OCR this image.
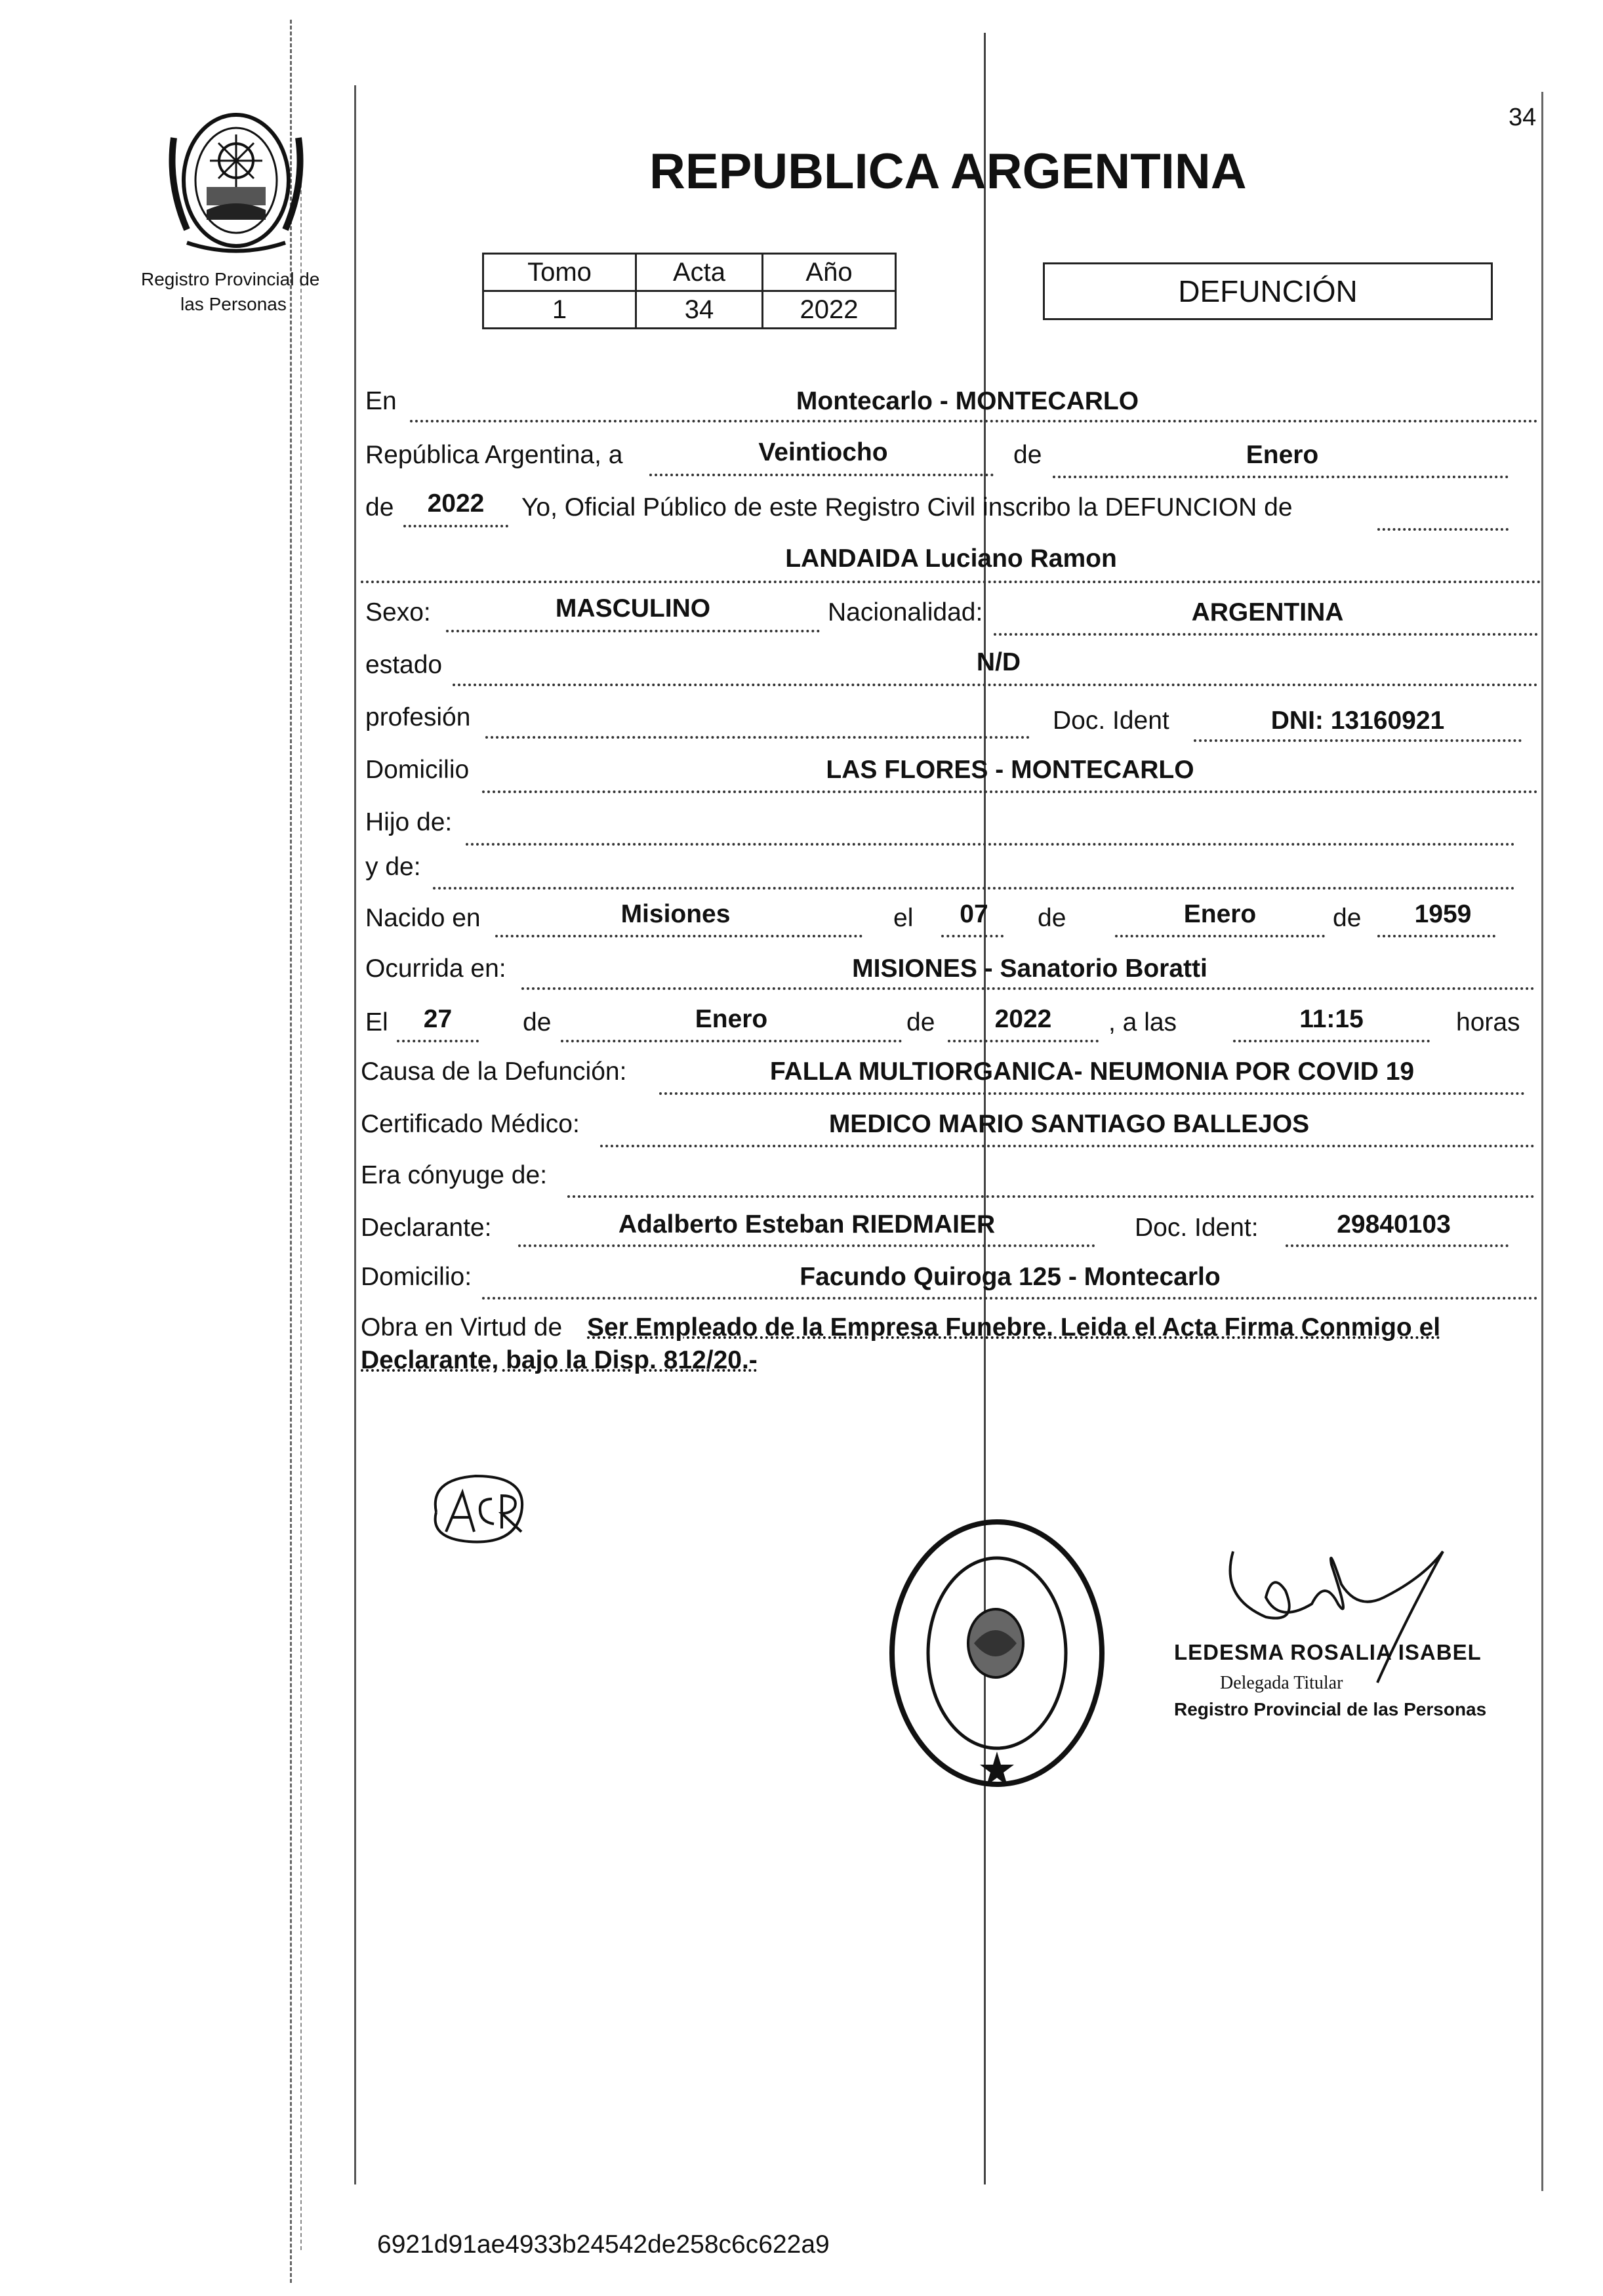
Registro Provincial de
las Personas
34
REPUBLICA ARGENTINA
Tomo	Acta	Año
1	34	2022
DEFUNCIÓN
En	Montecarlo - MONTECARLO
República Argentina, a	Veintiocho	de	Enero
de	2022	Yo, Oficial Público de este Registro Civil inscribo la DEFUNCION de
LANDAIDA Luciano Ramon
Sexo:	MASCULINO	Nacionalidad:	ARGENTINA
estado	N/D
profesión	Doc. Ident	DNI: 13160921
Domicilio	LAS FLORES - MONTECARLO
Hijo de:
y de:
Nacido en	Misiones	el	07	de	Enero	de	1959
Ocurrida en:	MISIONES - Sanatorio Boratti
El	27	de	Enero	de	2022	, a las	11:15	horas
Causa de la Defunción:	FALLA MULTIORGANICA- NEUMONIA POR COVID 19
Certificado Médico:	MEDICO MARIO SANTIAGO BALLEJOS
Era cónyuge de:
Declarante:	Adalberto Esteban RIEDMAIER	Doc. Ident:	29840103
Domicilio:	Facundo Quiroga 125 - Montecarlo
Obra en Virtud de Ser Empleado de la Empresa Funebre. Leida el Acta Firma Conmigo el
Declarante, bajo la Disp. 812/20.-
LEDESMA ROSALIA ISABEL
Delegada Titular
Registro Provincial de las Personas
6921d91ae4933b24542de258c6c622a9
